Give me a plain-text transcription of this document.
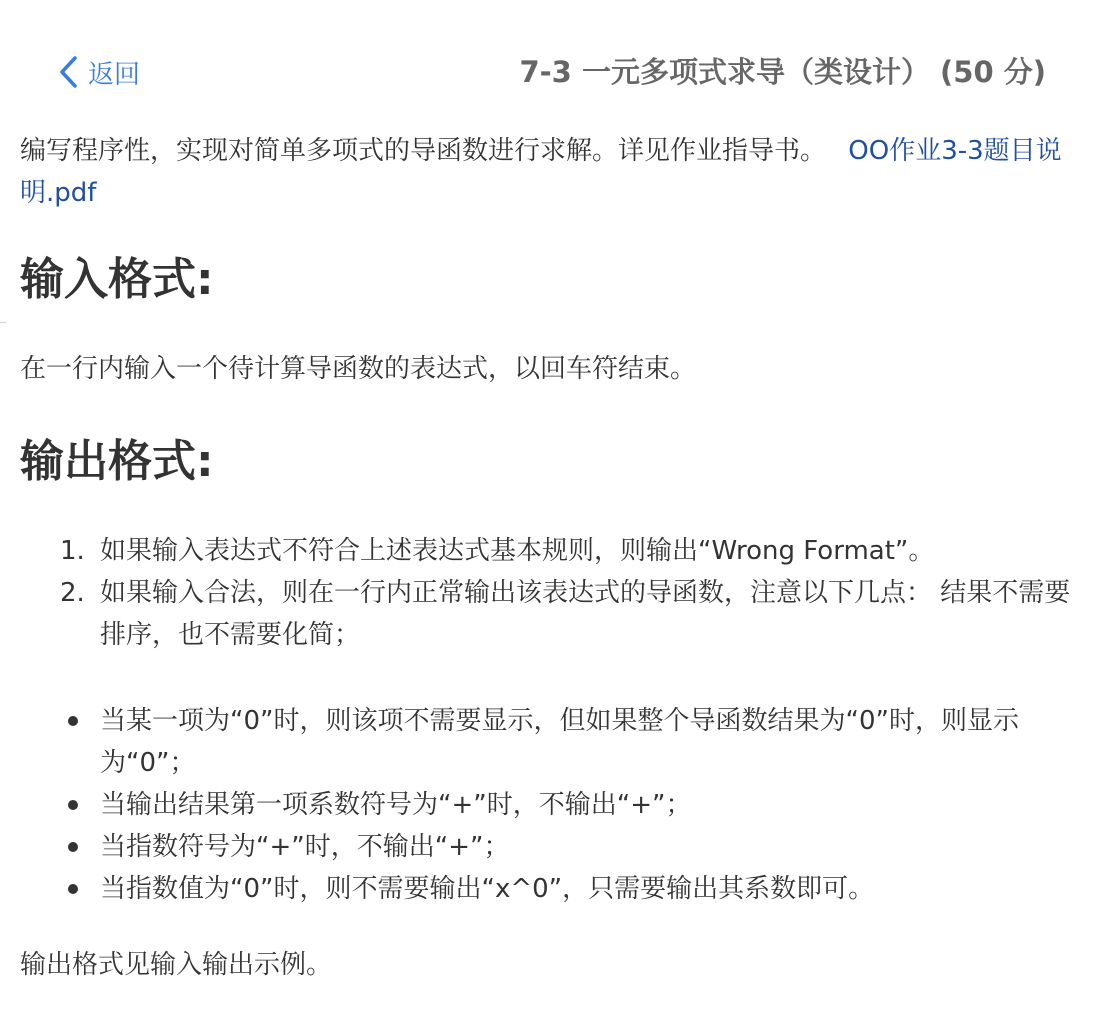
返回	7-3 一元多项式求导（类设计） (50 分)

编写程序性，实现对简单多项式的导函数进行求解。详见作业指导书。 OO作业3-3题目说明.pdf

输入格式:

在一行内输入一个待计算导函数的表达式，以回车符结束。

输出格式:
1. 如果输入表达式不符合上述表达式基本规则，则输出“Wrong Format”。
2. 如果输入合法，则在一行内正常输出该表达式的导函数，注意以下几点： 结果不需要排序，也不需要化简；
当某一项为“0”时，则该项不需要显示，但如果整个导函数结果为“0”时，则显示为“0”；
当输出结果第一项系数符号为“+”时，不输出“+”；
当指数符号为“+”时，不输出“+”；
当指数值为“0”时，则不需要输出“x^0”，只需要输出其系数即可。

输出格式见输入输出示例。
